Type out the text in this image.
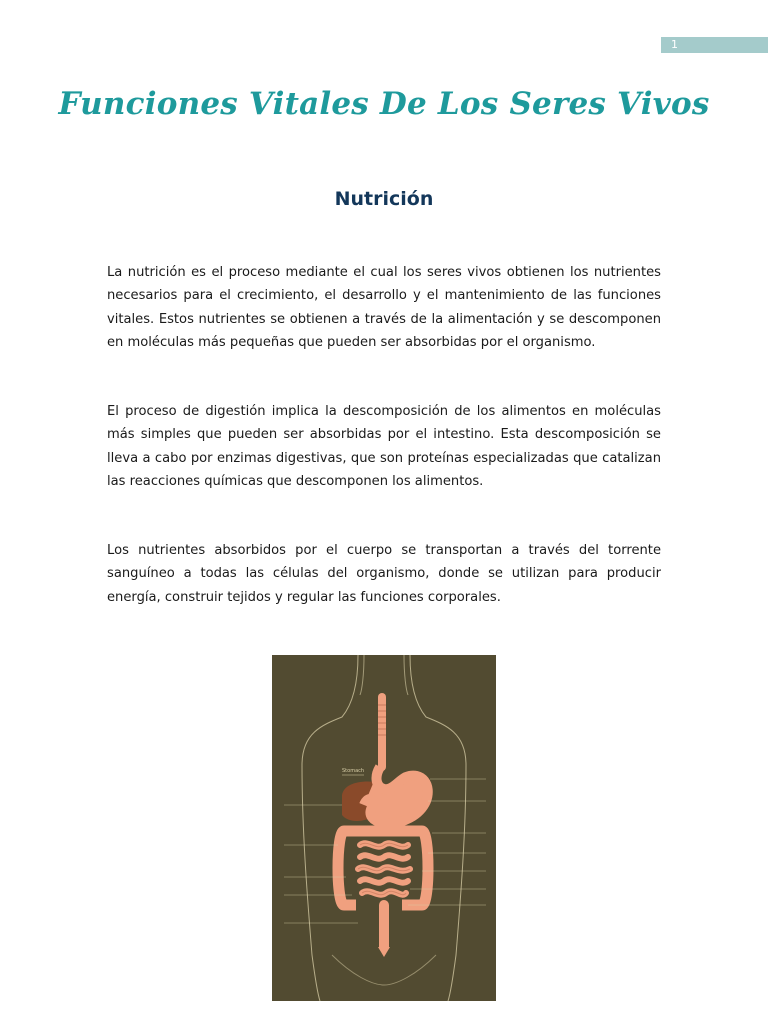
1
Funciones Vitales De Los Seres Vivos
Nutrición

La nutrición es el proceso mediante el cual los seres vivos obtienen los nutrientes necesarios para el crecimiento, el desarrollo y el mantenimiento de las funciones vitales. Estos nutrientes se obtienen a través de la alimentación y se descomponen en moléculas más pequeñas que pueden ser absorbidas por el organismo.

El proceso de digestión implica la descomposición de los alimentos en moléculas más simples que pueden ser absorbidas por el intestino. Esta descomposición se lleva a cabo por enzimas digestivas, que son proteínas especializadas que catalizan las reacciones químicas que descomponen los alimentos.

Los nutrientes absorbidos por el cuerpo se transportan a través del torrente sanguíneo a todas las células del organismo, donde se utilizan para producir energía, construir tejidos y regular las funciones corporales.

Stomach
